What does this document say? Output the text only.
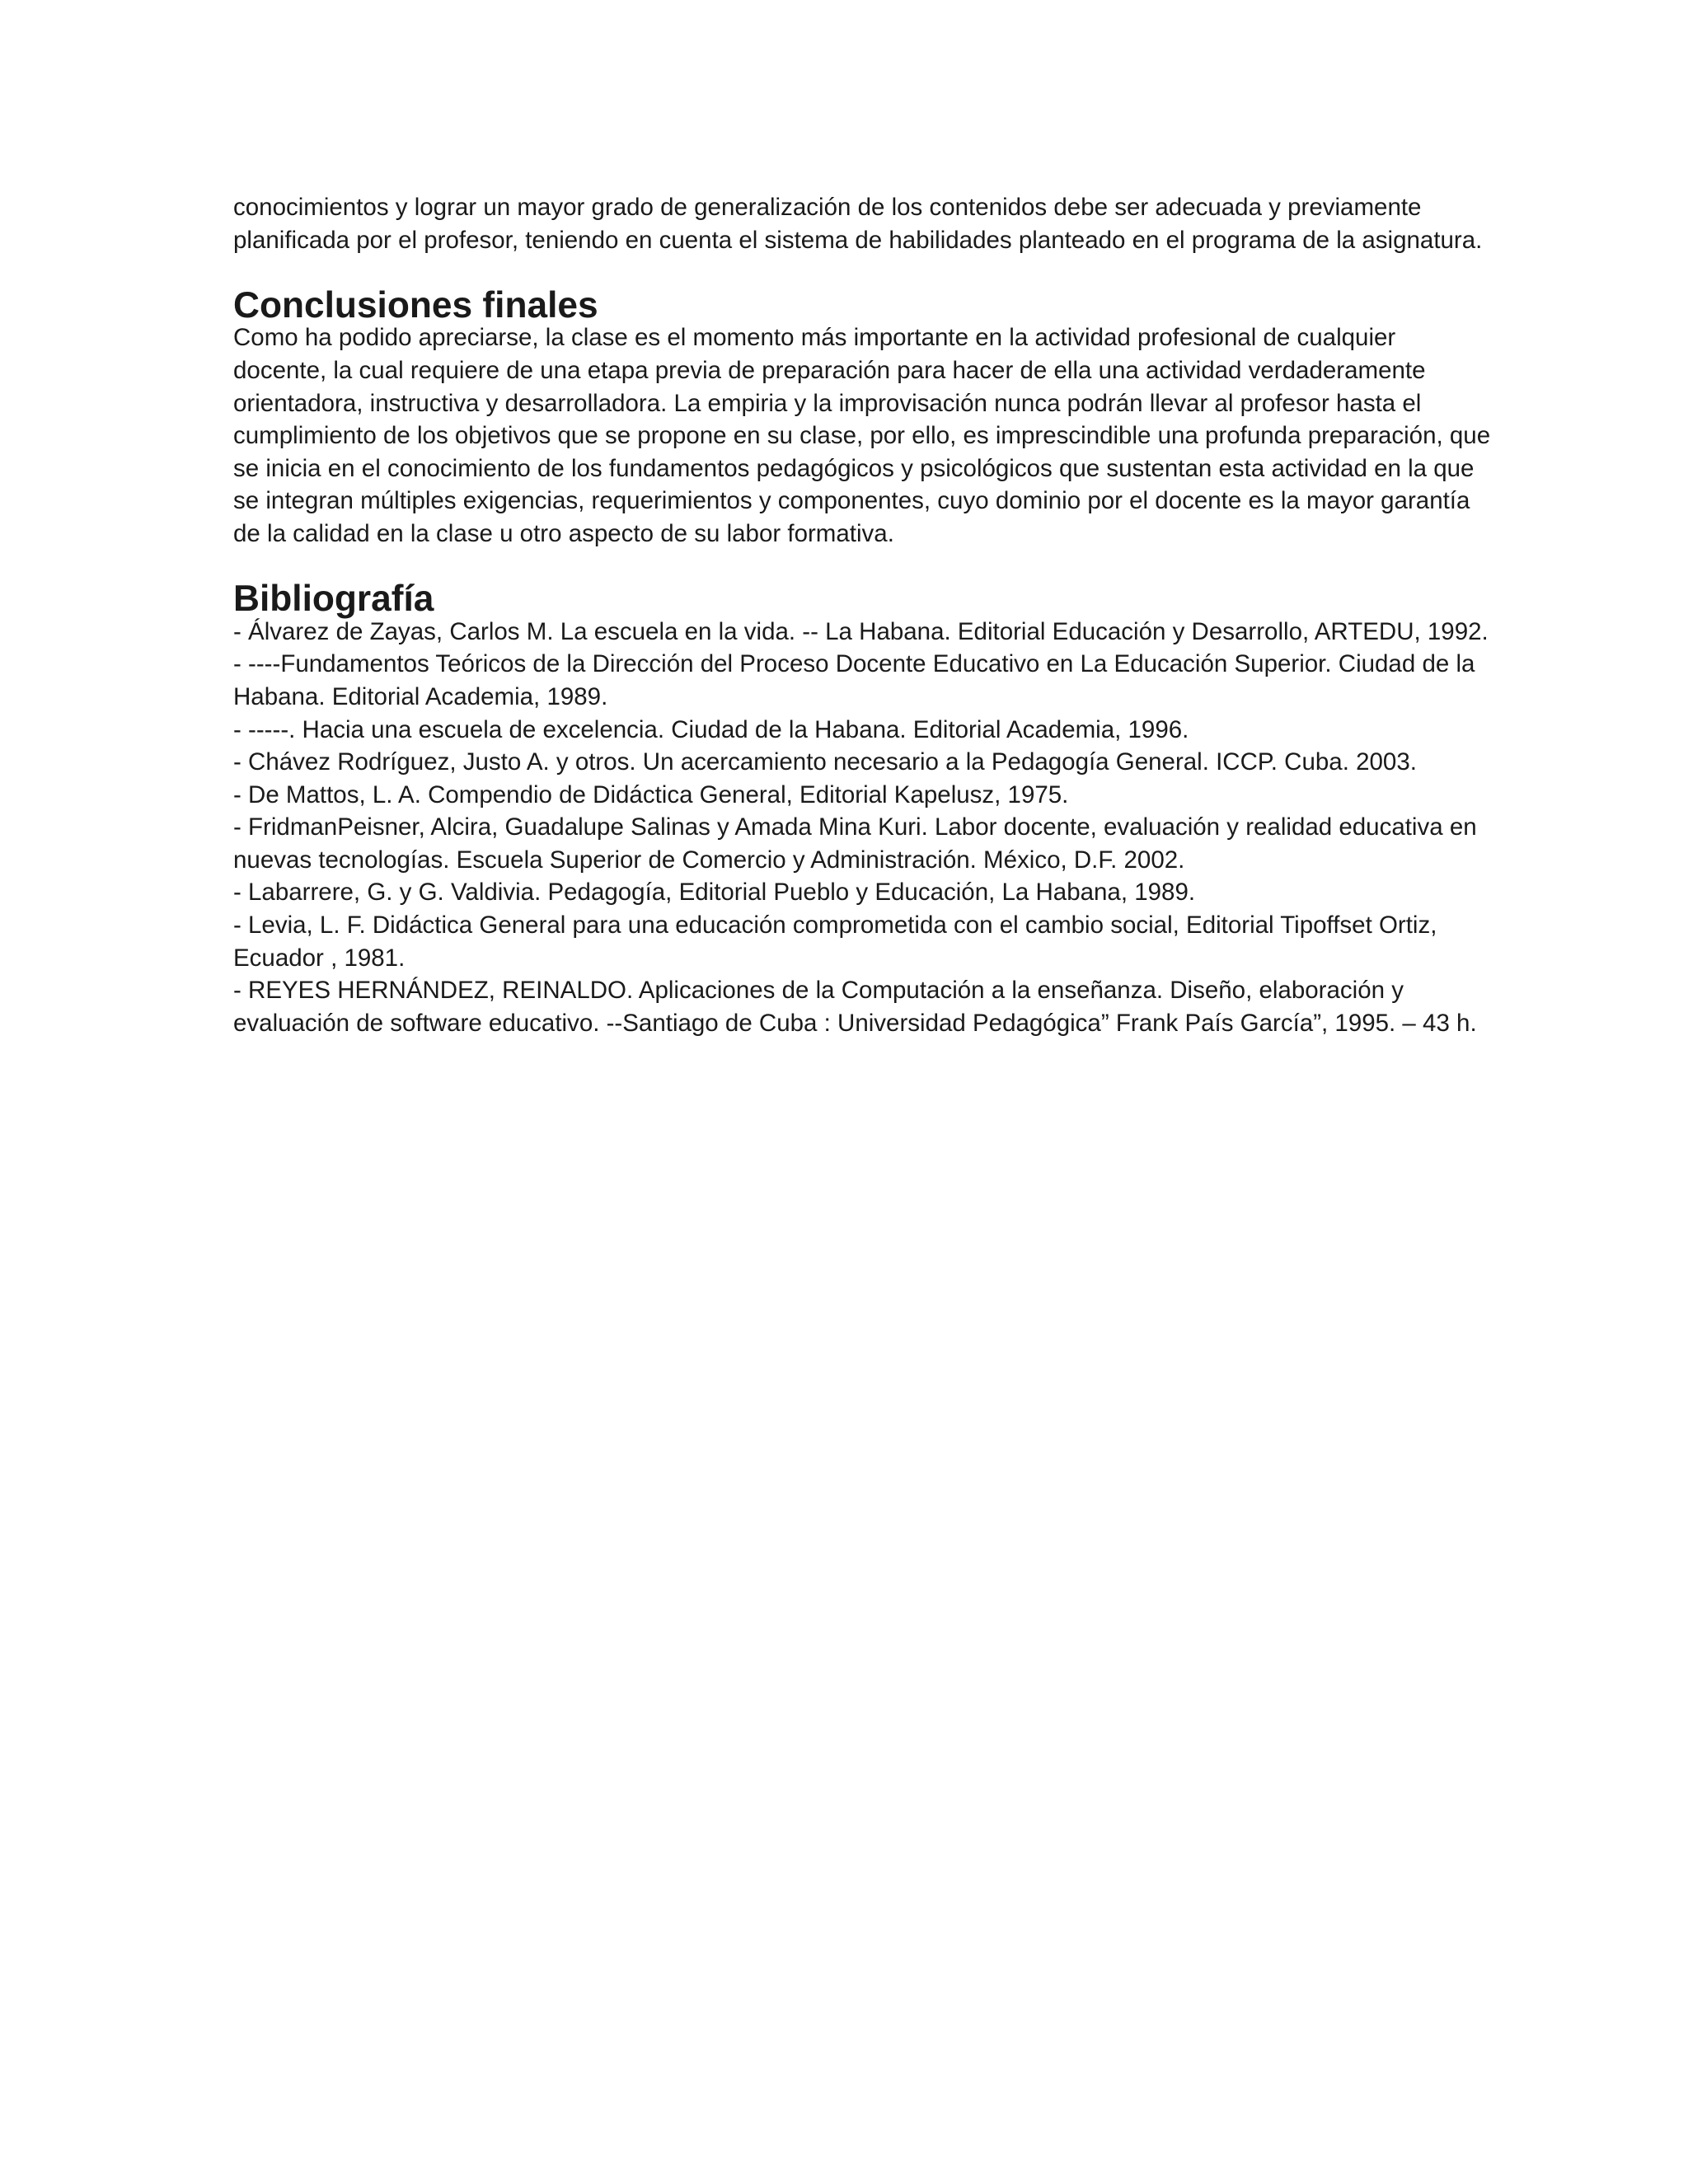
conocimientos y lograr un mayor grado de generalización de los contenidos debe ser adecuada y previamente planificada por el profesor, teniendo en cuenta el sistema de habilidades planteado en el programa de la asignatura.

Conclusiones finales

Como ha podido apreciarse, la clase es el momento más importante en la actividad profesional de cualquier docente, la cual requiere de una etapa previa de preparación para hacer de ella una actividad verdaderamente orientadora, instructiva y desarrolladora. La empiria y la improvisación nunca podrán llevar al profesor hasta el cumplimiento de los objetivos que se propone en su clase, por ello, es imprescindible una profunda preparación, que se inicia en el conocimiento de los fundamentos pedagógicos y psicológicos que sustentan esta actividad en la que se integran múltiples exigencias, requerimientos y componentes, cuyo dominio por el docente es la mayor garantía de la calidad en la clase u otro aspecto de su labor formativa.

Bibliografía
- Álvarez de Zayas, Carlos M. La escuela en la vida. -- La Habana. Editorial Educación y Desarrollo, ARTEDU, 1992.
- ----Fundamentos Teóricos de la Dirección del Proceso Docente Educativo en La Educación Superior. Ciudad de la Habana. Editorial Academia, 1989.
- -----. Hacia una escuela de excelencia. Ciudad de la Habana. Editorial Academia, 1996.
- Chávez Rodríguez, Justo A. y otros. Un acercamiento necesario a la Pedagogía General. ICCP. Cuba. 2003.
- De Mattos, L. A. Compendio de Didáctica General, Editorial Kapelusz, 1975.
- FridmanPeisner, Alcira, Guadalupe Salinas y Amada Mina Kuri. Labor docente, evaluación y realidad educativa en nuevas tecnologías. Escuela Superior de Comercio y Administración. México, D.F. 2002.
- Labarrere, G. y G. Valdivia. Pedagogía, Editorial Pueblo y Educación, La Habana, 1989.
- Levia, L. F. Didáctica General para una educación comprometida con el cambio social, Editorial Tipoffset Ortiz, Ecuador , 1981.
- REYES HERNÁNDEZ, REINALDO. Aplicaciones de la Computación a la enseñanza. Diseño, elaboración y evaluación de software educativo. --Santiago de Cuba : Universidad Pedagógica” Frank País García”, 1995. – 43 h.
